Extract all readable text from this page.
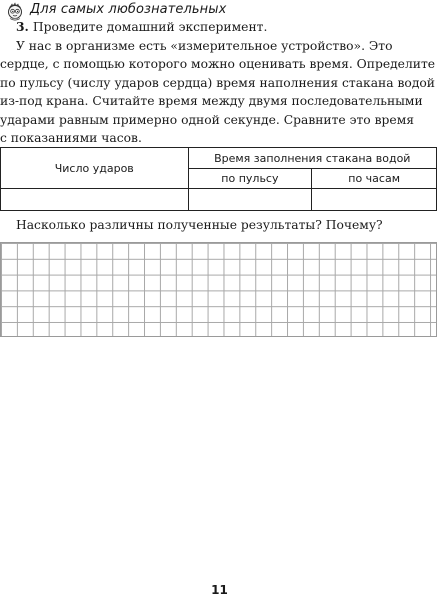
Для самых любознательных
3. Проведите домашний эксперимент.
У нас в организме есть «измерительное устройство». Это
сердце, с помощью которого можно оценивать время. Определите
по пульсу (числу ударов сердца) время наполнения стакана водой
из-под крана. Считайте время между двумя последовательными
ударами равным примерно одной секунде. Сравните это время
с показаниями часов.
Число ударов	Время заполнения стакана водой	
	по пульсу	по часам

Насколько различны полученные результаты? Почему?
11
